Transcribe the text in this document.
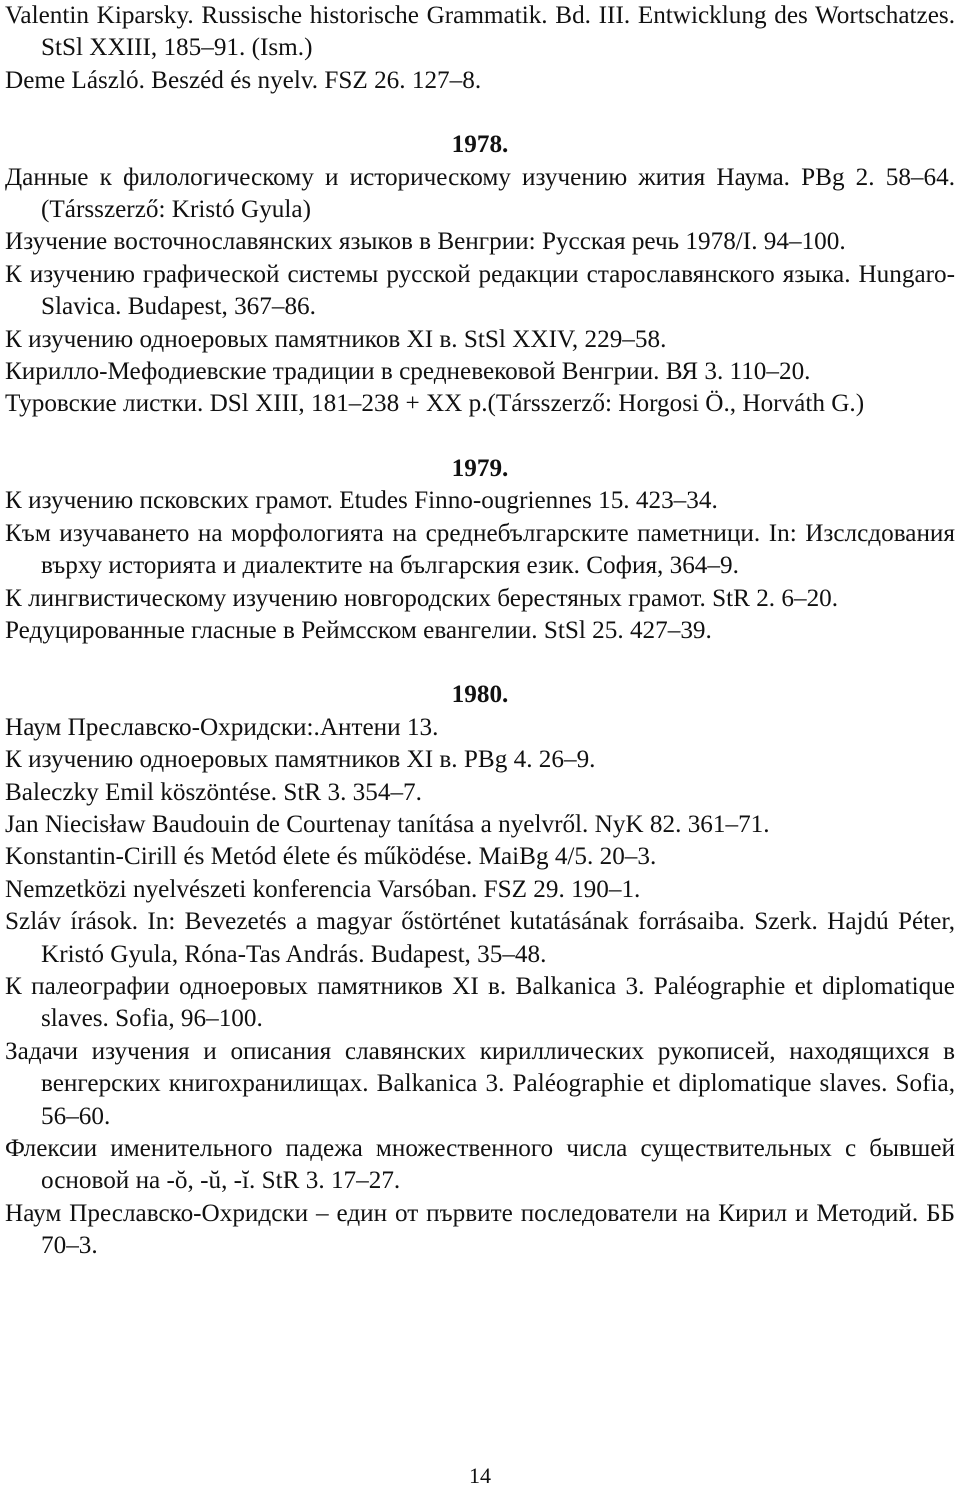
Valentin Kiparsky. Russische historische Grammatik. Bd. III. Entwicklung des Wortschatzes. StSl XXIII, 185–91. (Ism.)

Deme László. Beszéd és nyelv. FSZ 26. 127–8.

1978.

Данные к филологическому и историческому изучению жития Наума. PBg 2. 58–64. (Társszerző: Kristó Gyula)

Изучение восточнославянских языков в Венгрии: Русская речь 1978/I. 94–100.

К изучению графической системы русской редакции старославянского языка. Hungaro-Slavica. Budapest, 367–86.

К изучению одноеровых памятников XI в. StSl XXIV, 229–58.

Кирилло-Мефодиевские традиции в средневековой Венгрии. ВЯ 3. 110–20.

Туровские листки. DSl XIII, 181–238 + XX p.(Társszerző: Horgosi Ö., Horváth G.)

1979.

К изучению псковских грамот. Etudes Finno-ougriennes 15. 423–34.

Към изучаването на морфологията на среднебългарските паметници. In: Изслсдования върху историята и диалектите на българския език. София, 364–9.

К лингвистическому изучению новгородских берестяных грамот. StR 2. 6–20.

Редуцированные гласные в Реймсском евангелии. StSl 25. 427–39.

1980.

Наум Преславско-Охридски:.Антени 13.

К изучению одноеровых памятников XI в. PBg 4. 26–9.

Baleczky Emil köszöntése. StR 3. 354–7.

Jan Niecisław Baudouin de Courtenay tanítása a nyelvről. NyK 82. 361–71.

Konstantin-Cirill és Metód élete és működése. MaiBg 4/5. 20–3.

Nemzetközi nyelvészeti konferencia Varsóban. FSZ 29. 190–1.

Szláv írások. In: Bevezetés a magyar őstörténet kutatásának forrásaiba. Szerk. Hajdú Péter, Kristó Gyula, Róna-Tas András. Budapest, 35–48.

К палеографии одноеровых памятников XI в. Balkanica 3. Paléographie et diplomatique slaves. Sofia, 96–100.

Задачи изучения и описания славянских кириллических рукописей, находящихся в венгерских книгохранилищах. Balkanica 3. Paléographie et diplomatique slaves. Sofia, 56–60.

Флексии именительного падежа множественного числа существительных с бывшей основой на -ŏ, -ŭ, -ĭ. StR 3. 17–27.

Наум Преславско-Охридски – един от първите последователи на Кирил и Методий. ББ 70–3.

14
